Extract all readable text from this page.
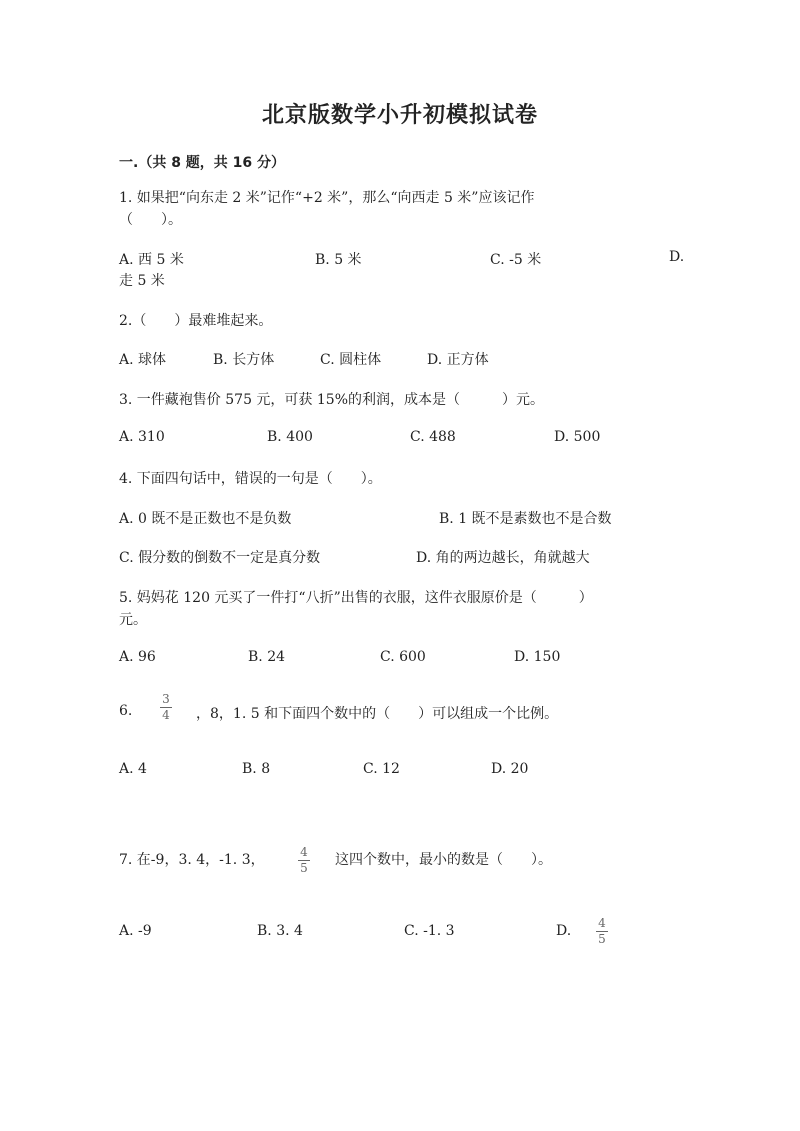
北京版数学小升初模拟试卷
一.（共 8 题，共 16 分）
1. 如果把“向东走 2 米”记作“+2 米”，那么“向西走 5 米”应该记作
（　　）。
A. 西 5 米	B. 5 米	C. -5 米	D.
走 5 米
2.（　　）最难堆起来。
A. 球体	B. 长方体	C. 圆柱体	D. 正方体
3. 一件藏袍售价 575 元，可获 15%的利润，成本是（　　　）元。
A. 310	B. 400	C. 488	D. 500
4. 下面四句话中，错误的一句是（　　）。
A. 0 既不是正数也不是负数	B. 1 既不是素数也不是合数
C. 假分数的倒数不一定是真分数	D. 角的两边越长，角就越大
5. 妈妈花 120 元买了一件打“八折”出售的衣服，这件衣服原价是（　　　）
元。
A. 96	B. 24	C. 600	D. 150
6.
3
4 ，8，1. 5 和下面四个数中的（　　）可以组成一个比例。
A. 4	B. 8	C. 12	D. 20
7. 在-9，3. 4，-1. 3，	4
5 这四个数中，最小的数是（　　）。
A. -9	B. 3. 4	C. -1. 3	D. 4
5
